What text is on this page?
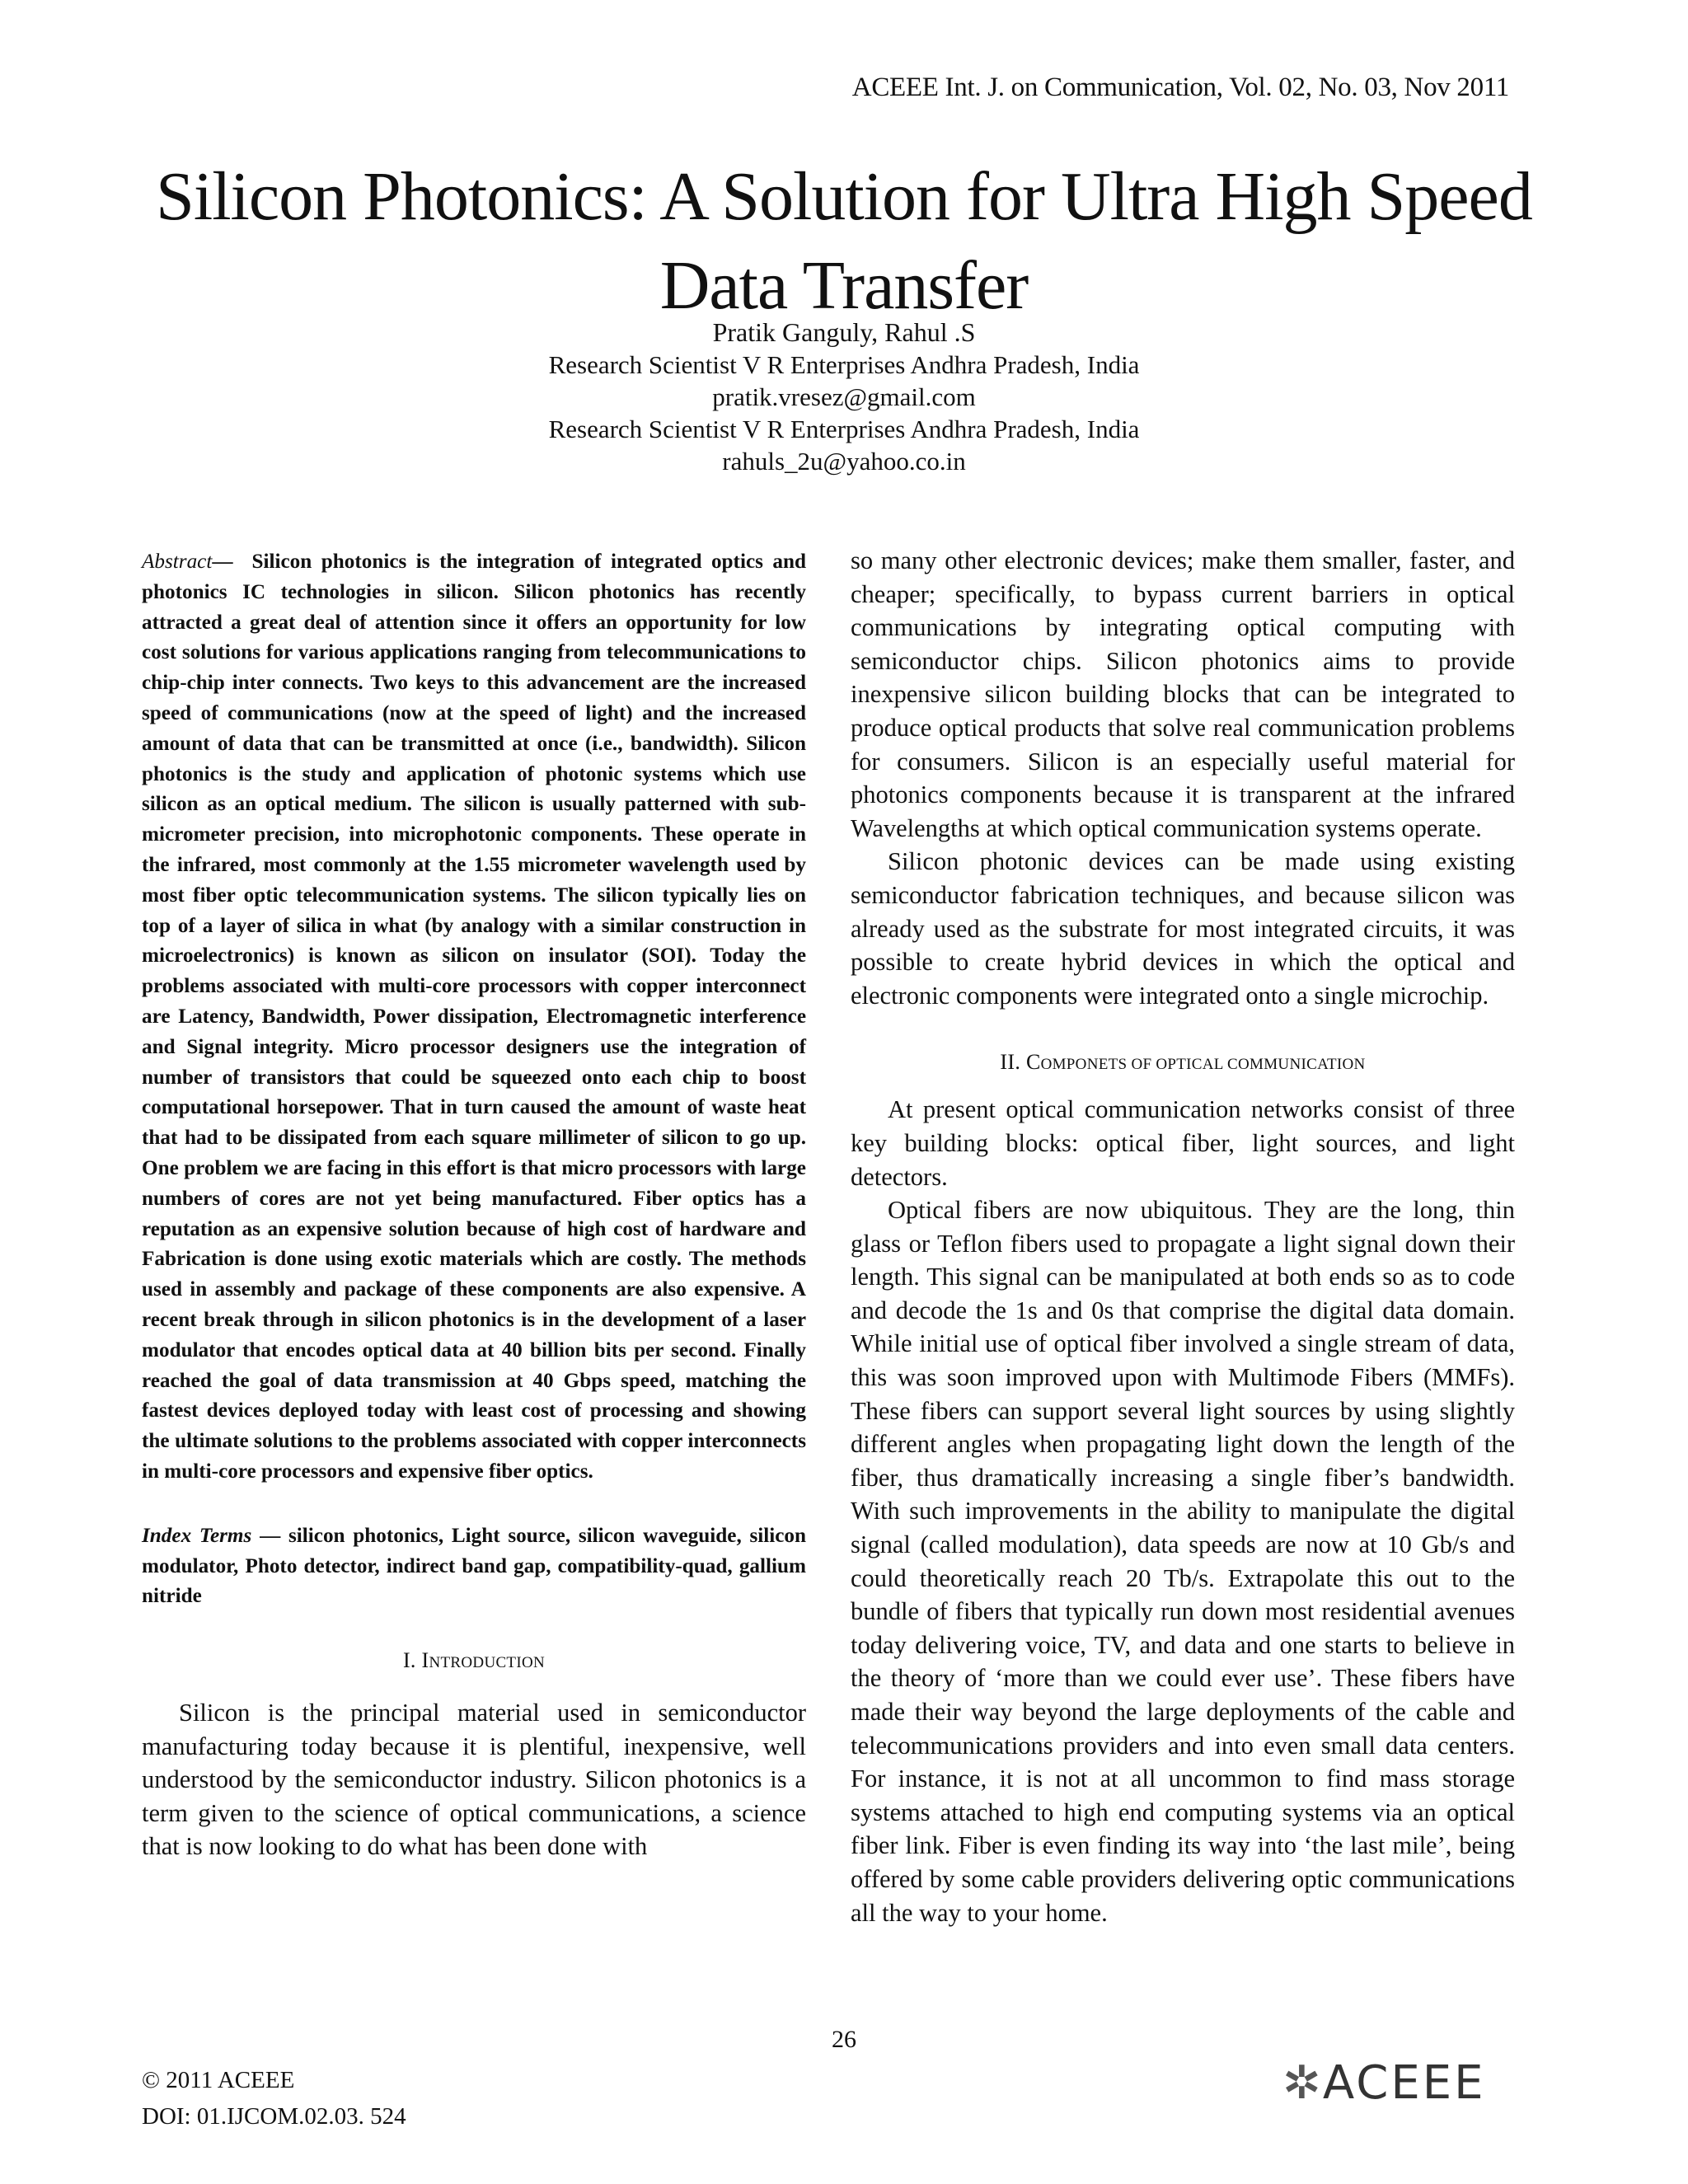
ACEEE Int. J. on Communication, Vol. 02, No. 03, Nov 2011
Silicon Photonics: A Solution for Ultra High Speed
Data Transfer
Pratik Ganguly, Rahul .S
Research Scientist V R Enterprises Andhra Pradesh, India
pratik.vresez@gmail.com
Research Scientist V R Enterprises Andhra Pradesh, India
rahuls_2u@yahoo.co.in

Abstract— Silicon photonics is the integration of integrated optics and photonics IC technologies in silicon. Silicon photonics has recently attracted a great deal of attention since it offers an opportunity for low cost solutions for various applications ranging from telecommunications to chip-chip inter connects. Two keys to this advancement are the increased speed of communications (now at the speed of light) and the increased amount of data that can be transmitted at once (i.e., bandwidth). Silicon photonics is the study and application of photonic systems which use silicon as an optical medium. The silicon is usually patterned with sub-micrometer precision, into microphotonic components. These operate in the infrared, most commonly at the 1.55 micrometer wavelength used by most fiber optic telecommunication systems. The silicon typically lies on top of a layer of silica in what (by analogy with a similar construction in microelectronics) is known as silicon on insulator (SOI). Today the problems associated with multi-core processors with copper interconnect are Latency, Bandwidth, Power dissipation, Electromagnetic interference and Signal integrity. Micro processor designers use the integration of number of transistors that could be squeezed onto each chip to boost computational horsepower. That in turn caused the amount of waste heat that had to be dissipated from each square millimeter of silicon to go up. One problem we are facing in this effort is that micro processors with large numbers of cores are not yet being manufactured. Fiber optics has a reputation as an expensive solution because of high cost of hardware and Fabrication is done using exotic materials which are costly. The methods used in assembly and package of these components are also expensive. A recent break through in silicon photonics is in the development of a laser modulator that encodes optical data at 40 billion bits per second. Finally reached the goal of data transmission at 40 Gbps speed, matching the fastest devices deployed today with least cost of processing and showing the ultimate solutions to the problems associated with copper interconnects in multi-core processors and expensive fiber optics.

Index Terms — silicon photonics, Light source, silicon waveguide, silicon modulator, Photo detector, indirect band gap, compatibility-quad, gallium nitride

I. INTRODUCTION

Silicon is the principal material used in semiconductor manufacturing today because it is plentiful, inexpensive, well understood by the semiconductor industry. Silicon photonics is a term given to the science of optical communications, a science that is now looking to do what has been done with

so many other electronic devices; make them smaller, faster, and cheaper; specifically, to bypass current barriers in optical communications by integrating optical computing with semiconductor chips. Silicon photonics aims to provide inexpensive silicon building blocks that can be integrated to produce optical products that solve real communication problems for consumers. Silicon is an especially useful material for photonics components because it is transparent at the infrared Wavelengths at which optical communication systems operate.

Silicon photonic devices can be made using existing semiconductor fabrication techniques, and because silicon was already used as the substrate for most integrated circuits, it was possible to create hybrid devices in which the optical and electronic components were integrated onto a single microchip.

II. COMPONETS OF OPTICAL COMMUNICATION

At present optical communication networks consist of three key building blocks: optical fiber, light sources, and light detectors.

Optical fibers are now ubiquitous. They are the long, thin glass or Teflon fibers used to propagate a light signal down their length. This signal can be manipulated at both ends so as to code and decode the 1s and 0s that comprise the digital data domain. While initial use of optical fiber involved a single stream of data, this was soon improved upon with Multimode Fibers (MMFs). These fibers can support several light sources by using slightly different angles when propagating light down the length of the fiber, thus dramatically increasing a single fiber’s bandwidth. With such improvements in the ability to manipulate the digital signal (called modulation), data speeds are now at 10 Gb/s and could theoretically reach 20 Tb/s. Extrapolate this out to the bundle of fibers that typically run down most residential avenues today delivering voice, TV, and data and one starts to believe in the theory of ‘more than we could ever use’. These fibers have made their way beyond the large deployments of the cable and telecommunications providers and into even small data centers. For instance, it is not at all uncommon to find mass storage systems attached to high end computing systems via an optical fiber link. Fiber is even finding its way into ‘the last mile’, being offered by some cable providers delivering optic communications all the way to your home.

26
© 2011 ACEEE
DOI: 01.IJCOM.02.03. 524
✲ ACEEE
